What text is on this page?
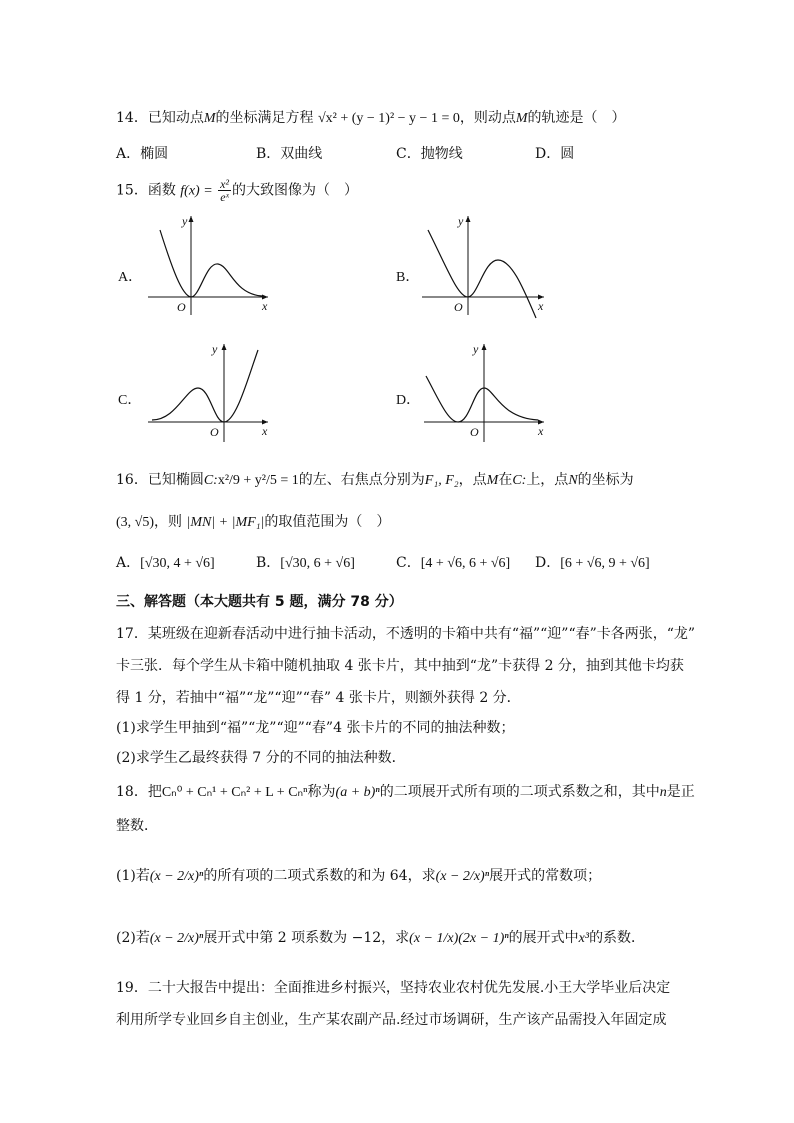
14．已知动点M的坐标满足方程 √x² + (y − 1)² − y − 1 = 0，则动点M的轨迹是（　）
A．椭圆	B．双曲线	C．抛物线	D．圆
15．函数 $f(x) = \frac{\text{x²}}{\text{eˣ}}$ 的大致图像为（　）
A．
O	x
y
B．
O	x
y
C．
O	x
y
D．
O	x
y
16．已知椭圆C:x²/9 + y²/5 = 1的左、右焦点分别为F₁, F₂，点M在C:上，点N的坐标为
(3, √5)，则 |MN| + |MF₁|的取值范围为（　）
A．[√30, 4 + √6]	B．[√30, 6 + √6]	C．[4 + √6, 6 + √6] D．[6 + √6, 9 + √6]
三、解答题（本大题共有 5 题，满分 78 分）
17．某班级在迎新春活动中进行抽卡活动，不透明的卡箱中共有“福”“迎”“春”卡各两张，“龙”
卡三张．每个学生从卡箱中随机抽取 4 张卡片，其中抽到“龙”卡获得 2 分，抽到其他卡均获
得 1 分，若抽中“福”“龙”“迎”“春” 4 张卡片，则额外获得 2 分．
(1)求学生甲抽到“福”“龙”“迎”“春”4 张卡片的不同的抽法种数；
(2)求学生乙最终获得 7 分的不同的抽法种数．
18．把Cₙ⁰ + Cₙ¹ + Cₙ² + L + Cₙⁿ称为(a + b)ⁿ的二项展开式所有项的二项式系数之和，其中n是正
整数．
(1)若(x − 2/x)ⁿ的所有项的二项式系数的和为 64，求(x − 2/x)ⁿ展开式的常数项；
(2)若(x − 2/x)ⁿ展开式中第 2 项系数为 −12，求(x − 1/x)(2x − 1)ⁿ的展开式中x³的系数．
19．二十大报告中提出：全面推进乡村振兴，坚持农业农村优先发展.小王大学毕业后决定
利用所学专业回乡自主创业，生产某农副产品.经过市场调研，生产该产品需投入年固定成
